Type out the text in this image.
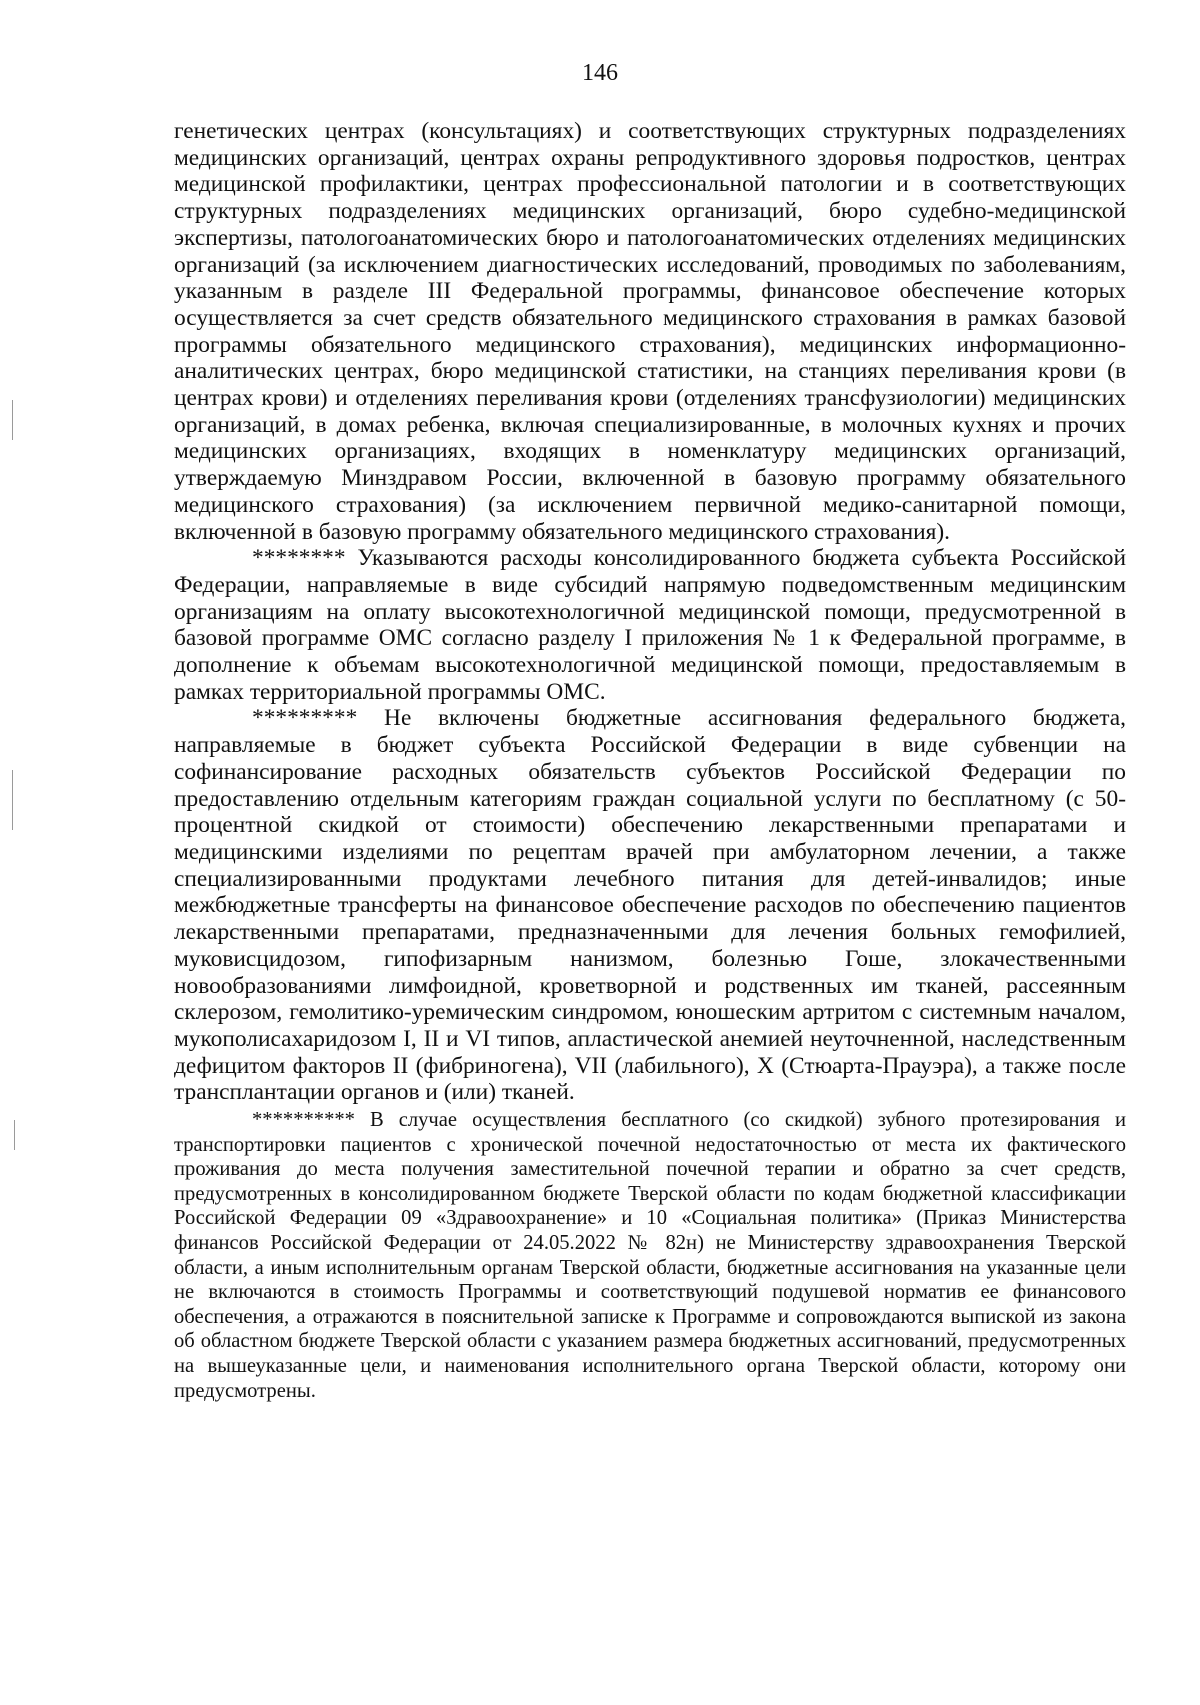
146

генетических центрах (консультациях) и соответствующих структурных подразделениях медицинских организаций, центрах охраны репродуктивного здоровья подростков, центрах медицинской профилактики, центрах профессиональной патологии и в соответствующих структурных подразделениях медицинских организаций, бюро судебно-медицинской экспертизы, патологоанатомических бюро и патологоанатомических отделениях медицинских организаций (за исключением диагностических исследований, проводимых по заболеваниям, указанным в разделе III Федеральной программы, финансовое обеспечение которых осуществляется за счет средств обязательного медицинского страхования в рамках базовой программы обязательного медицинского страхования), медицинских информационно-аналитических центрах, бюро медицинской статистики, на станциях переливания крови (в центрах крови) и отделениях переливания крови (отделениях трансфузиологии) медицинских организаций, в домах ребенка, включая специализированные, в молочных кухнях и прочих медицинских организациях, входящих в номенклатуру медицинских организаций, утверждаемую Минздравом России, включенной в базовую программу обязательного медицинского страхования) (за исключением первичной медико-санитарной помощи, включенной в базовую программу обязательного медицинского страхования).

******** Указываются расходы консолидированного бюджета субъекта Российской Федерации, направляемые в виде субсидий напрямую подведомственным медицинским организациям на оплату высокотехнологичной медицинской помощи, предусмотренной в базовой программе ОМС согласно разделу I приложения № 1 к Федеральной программе, в дополнение к объемам высокотехнологичной медицинской помощи, предоставляемым в рамках территориальной программы ОМС.

********* Не включены бюджетные ассигнования федерального бюджета, направляемые в бюджет субъекта Российской Федерации в виде субвенции на софинансирование расходных обязательств субъектов Российской Федерации по предоставлению отдельным категориям граждан социальной услуги по бесплатному (с 50-процентной скидкой от стоимости) обеспечению лекарственными препаратами и медицинскими изделиями по рецептам врачей при амбулаторном лечении, а также специализированными продуктами лечебного питания для детей-инвалидов; иные межбюджетные трансферты на финансовое обеспечение расходов по обеспечению пациентов лекарственными препаратами, предназначенными для лечения больных гемофилией, муковисцидозом, гипофизарным нанизмом, болезнью Гоше, злокачественными новообразованиями лимфоидной, кроветворной и родственных им тканей, рассеянным склерозом, гемолитико-уремическим синдромом, юношеским артритом с системным началом, мукополисахаридозом I, II и VI типов, апластической анемией неуточненной, наследственным дефицитом факторов II (фибриногена), VII (лабильного), X (Стюарта-Прауэра), а также после трансплантации органов и (или) тканей.

********** В случае осуществления бесплатного (со скидкой) зубного протезирования и транспортировки пациентов с хронической почечной недостаточностью от места их фактического проживания до места получения заместительной почечной терапии и обратно за счет средств, предусмотренных в консолидированном бюджете Тверской области по кодам бюджетной классификации Российской Федерации 09 «Здравоохранение» и 10 «Социальная политика» (Приказ Министерства финансов Российской Федерации от 24.05.2022 № 82н) не Министерству здравоохранения Тверской области, а иным исполнительным органам Тверской области, бюджетные ассигнования на указанные цели не включаются в стоимость Программы и соответствующий подушевой норматив ее финансового обеспечения, а отражаются в пояснительной записке к Программе и сопровождаются выпиской из закона об областном бюджете Тверской области с указанием размера бюджетных ассигнований, предусмотренных на вышеуказанные цели, и наименования исполнительного органа Тверской области, которому они предусмотрены.
